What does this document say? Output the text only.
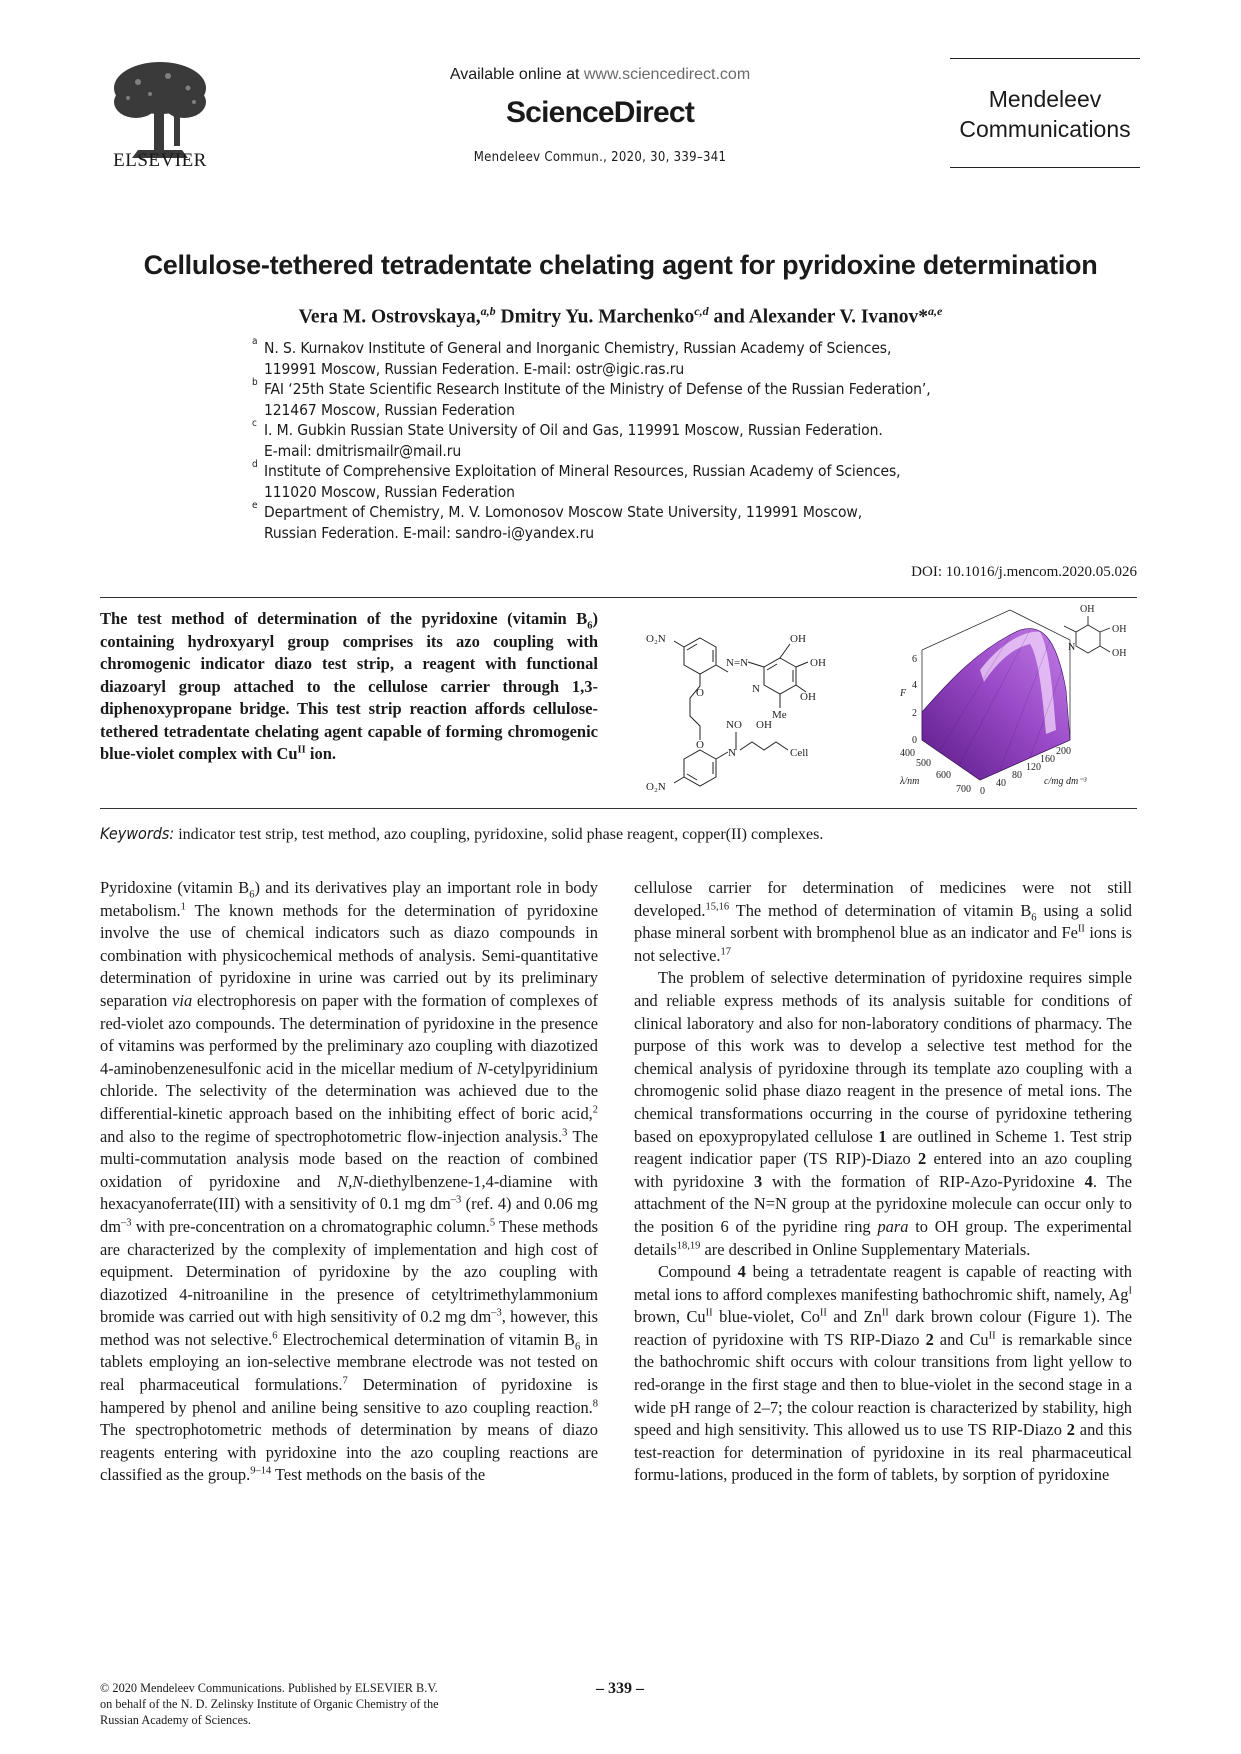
ELSEVIER
Available online at www.sciencedirect.com
ScienceDirect
Mendeleev Commun., 2020, 30, 339–341
Mendeleev
Communications
Cellulose-tethered tetradentate chelating agent for pyridoxine determination
Vera M. Ostrovskaya,$^{a,b}$ Dmitry Yu. Marchenko$^{c,d}$ and Alexander V. Ivanov*$^{a,e}$
a N. S. Kurnakov Institute of General and Inorganic Chemistry, Russian Academy of Sciences,
119991 Moscow, Russian Federation. E-mail: ostr@igic.ras.ru
b FAI ‘25th State Scientific Research Institute of the Ministry of Defense of the Russian Federation’,
121467 Moscow, Russian Federation
c I. M. Gubkin Russian State University of Oil and Gas, 119991 Moscow, Russian Federation.
E-mail: dmitrismailr@mail.ru
d Institute of Comprehensive Exploitation of Mineral Resources, Russian Academy of Sciences,
111020 Moscow, Russian Federation
e Department of Chemistry, M. V. Lomonosov Moscow State University, 119991 Moscow,
Russian Federation. E-mail: sandro-i@yandex.ru
DOI: 10.1016/j.mencom.2020.05.026
The test method of determination of the pyridoxine (vitamin $B_6$) containing hydroxyaryl group comprises its azo coupling with chromogenic indicator diazo test strip, a reagent with functional diazoaryl group attached to the cellulose carrier through 1,3-diphenoxypropane bridge. This test strip reaction affords cellulose-tethered tetradentate chelating agent capable of forming chromogenic blue-violet complex with $Cu^{II}$ ion.
O₂N
N=N
OH
OH
OH
N
Me
O
O
NO OH
N	Cell
O₂N
OH
OH
OH
N
F
0
2
4
6
400
500
600
700
λ/nm
0
40
80
120
160
200
c/mg dm⁻³
Keywords: indicator test strip, test method, azo coupling, pyridoxine, solid phase reagent, copper(II) complexes.

Pyridoxine (vitamin $B_6$) and its derivatives play an important role in body metabolism.$^1$ The known methods for the determination of pyridoxine involve the use of chemical indicators such as diazo compounds in combination with physicochemical methods of analysis. Semi-quantitative determination of pyridoxine in urine was carried out by its preliminary separation via electrophoresis on paper with the formation of complexes of red-violet azo compounds. The determination of pyridoxine in the presence of vitamins was performed by the preliminary azo coupling with diazotized 4-aminobenzenesulfonic acid in the micellar medium of N-cetylpyridinium chloride. The selectivity of the determination was achieved due to the differential-kinetic approach based on the inhibiting effect of boric acid,$^2$ and also to the regime of spectrophotometric flow-injection analysis.$^3$ The multi-commutation analysis mode based on the reaction of combined oxidation of pyridoxine and N,N-diethylbenzene-1,4-diamine with hexacyanoferrate(III) with a sensitivity of 0.1 mg $dm^{-3}$ (ref. 4) and 0.06 mg $dm^{-3}$ with pre-concentration on a chromatographic column.$^5$ These methods are characterized by the complexity of implementation and high cost of equipment. Determination of pyridoxine by the azo coupling with diazotized 4-nitroaniline in the presence of cetyltrimethylammonium bromide was carried out with high sensitivity of 0.2 mg $dm^{-3}$, however, this method was not selective.$^6$ Electrochemical determination of vitamin $B_6$ in tablets employing an ion-selective membrane electrode was not tested on real pharmaceutical formulations.$^7$ Determination of pyridoxine is hampered by phenol and aniline being sensitive to azo coupling reaction.$^8$ The spectrophotometric methods of determination by means of diazo reagents entering with pyridoxine into the azo coupling reactions are classified as the group.$^{9-14}$ Test methods on the basis of the

cellulose carrier for determination of medicines were not still developed.$^{15,16}$ The method of determination of vitamin $B_6$ using a solid phase mineral sorbent with bromphenol blue as an indicator and $Fe^{II}$ ions is not selective.$^{17}$

The problem of selective determination of pyridoxine requires simple and reliable express methods of its analysis suitable for conditions of clinical laboratory and also for non-laboratory conditions of pharmacy. The purpose of this work was to develop a selective test method for the chemical analysis of pyridoxine through its template azo coupling with a chromogenic solid phase diazo reagent in the presence of metal ions. The chemical transformations occurring in the course of pyridoxine tethering based on epoxypropylated cellulose 1 are outlined in Scheme 1. Test strip reagent indicatior paper (TS RIP)-Diazo 2 entered into an azo coupling with pyridoxine 3 with the formation of RIP-Azo-Pyridoxine 4. The attachment of the N=N group at the pyridoxine molecule can occur only to the position 6 of the pyridine ring para to OH group. The experimental details$^{18,19}$ are described in Online Supplementary Materials.

Compound 4 being a tetradentate reagent is capable of reacting with metal ions to afford complexes manifesting bathochromic shift, namely, $Ag^I$ brown, $Cu^{II}$ blue-violet, $Co^{II}$ and $Zn^{II}$ dark brown colour (Figure 1). The reaction of pyridoxine with TS RIP-Diazo 2 and $Cu^{II}$ is remarkable since the bathochromic shift occurs with colour transitions from light yellow to red-orange in the first stage and then to blue-violet in the second stage in a wide pH range of 2–7; the colour reaction is characterized by stability, high speed and high sensitivity. This allowed us to use TS RIP-Diazo 2 and this test-reaction for determination of pyridoxine in its real pharmaceutical formu-lations, produced in the form of tablets, by sorption of pyridoxine

© 2020 Mendeleev Communications. Published by ELSEVIER B.V.
on behalf of the N. D. Zelinsky Institute of Organic Chemistry of the
Russian Academy of Sciences.
– 339 –
